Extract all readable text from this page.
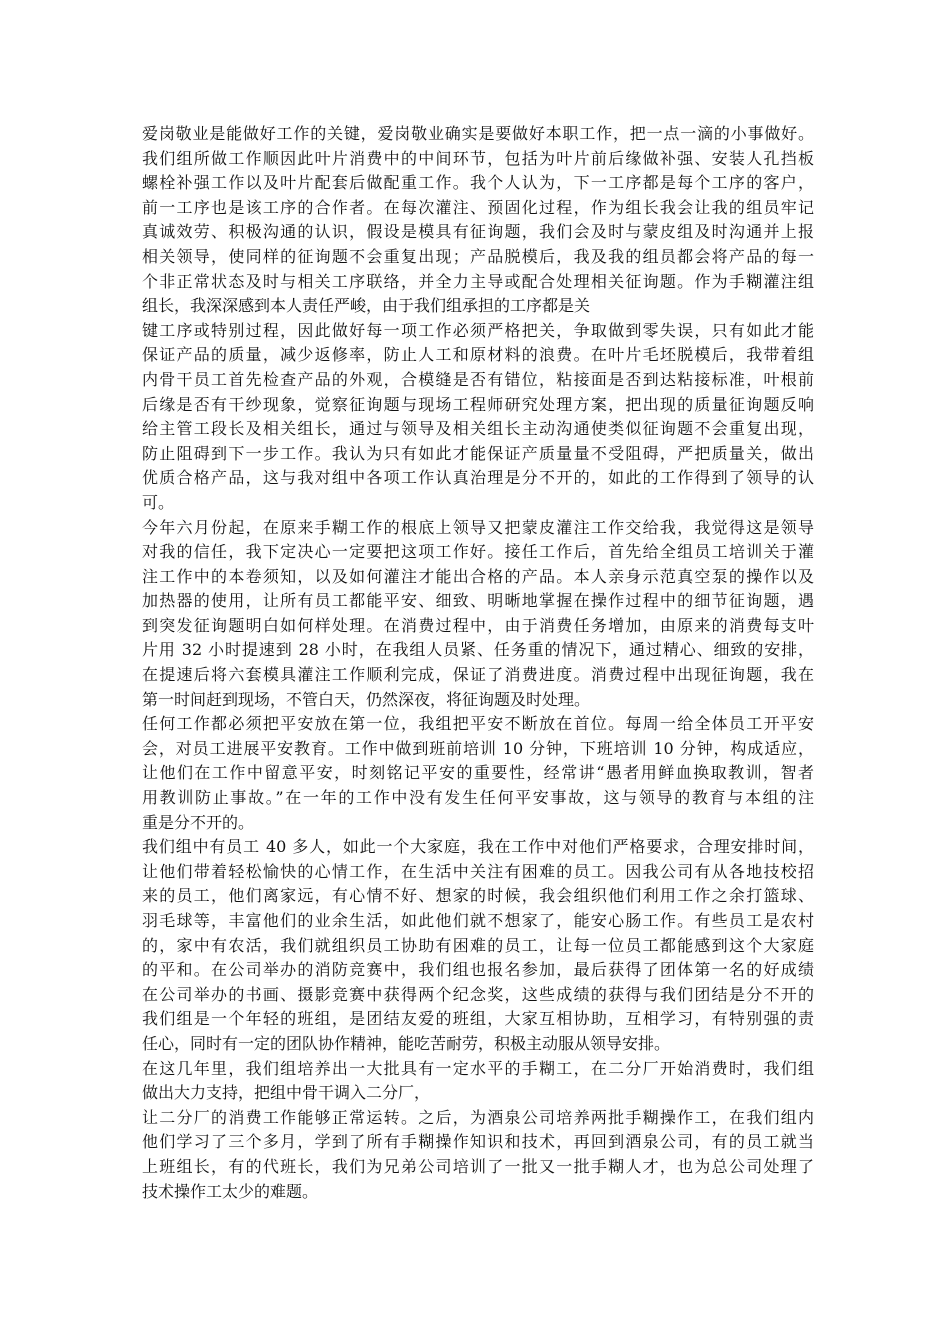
爱岗敬业是能做好工作的关键，爱岗敬业确实是要做好本职工作，把一点一滴的小事做好。
我们组所做工作顺因此叶片消费中的中间环节，包括为叶片前后缘做补强、安装人孔挡板
螺栓补强工作以及叶片配套后做配重工作。我个人认为，下一工序都是每个工序的客户，
前一工序也是该工序的合作者。在每次灌注、预固化过程，作为组长我会让我的组员牢记
真诚效劳、积极沟通的认识，假设是模具有征询题，我们会及时与蒙皮组及时沟通并上报
相关领导，使同样的征询题不会重复出现；产品脱模后，我及我的组员都会将产品的每一
个非正常状态及时与相关工序联络，并全力主导或配合处理相关征询题。作为手糊灌注组
组长，我深深感到本人责任严峻，由于我们组承担的工序都是关
键工序或特别过程，因此做好每一项工作必须严格把关，争取做到零失误，只有如此才能
保证产品的质量，减少返修率，防止人工和原材料的浪费。在叶片毛坯脱模后，我带着组
内骨干员工首先检查产品的外观，合模缝是否有错位，粘接面是否到达粘接标准，叶根前
后缘是否有干纱现象，觉察征询题与现场工程师研究处理方案，把出现的质量征询题反响
给主管工段长及相关组长，通过与领导及相关组长主动沟通使类似征询题不会重复出现，
防止阻碍到下一步工作。我认为只有如此才能保证产质量量不受阻碍，严把质量关，做出
优质合格产品，这与我对组中各项工作认真治理是分不开的，如此的工作得到了领导的认
可。
今年六月份起，在原来手糊工作的根底上领导又把蒙皮灌注工作交给我，我觉得这是领导
对我的信任，我下定决心一定要把这项工作好。接任工作后，首先给全组员工培训关于灌
注工作中的本卷须知，以及如何灌注才能出合格的产品。本人亲身示范真空泵的操作以及
加热器的使用，让所有员工都能平安、细致、明晰地掌握在操作过程中的细节征询题，遇
到突发征询题明白如何样处理。在消费过程中，由于消费任务增加，由原来的消费每支叶
片用 32 小时提速到 28 小时，在我组人员紧、任务重的情况下，通过精心、细致的安排，
在提速后将六套模具灌注工作顺利完成，保证了消费进度。消费过程中出现征询题，我在
第一时间赶到现场，不管白天，仍然深夜，将征询题及时处理。
任何工作都必须把平安放在第一位，我组把平安不断放在首位。每周一给全体员工开平安
会，对员工进展平安教育。工作中做到班前培训 10 分钟，下班培训 10 分钟，构成适应，
让他们在工作中留意平安，时刻铭记平安的重要性，经常讲“愚者用鲜血换取教训，智者
用教训防止事故。”在一年的工作中没有发生任何平安事故，这与领导的教育与本组的注
重是分不开的。
我们组中有员工 40 多人，如此一个大家庭，我在工作中对他们严格要求，合理安排时间，
让他们带着轻松愉快的心情工作，在生活中关注有困难的员工。因我公司有从各地技校招
来的员工，他们离家远，有心情不好、想家的时候，我会组织他们利用工作之余打篮球、
羽毛球等，丰富他们的业余生活，如此他们就不想家了，能安心肠工作。有些员工是农村
的，家中有农活，我们就组织员工协助有困难的员工，让每一位员工都能感到这个大家庭
的平和。在公司举办的消防竞赛中，我们组也报名参加，最后获得了团体第一名的好成绩
在公司举办的书画、摄影竞赛中获得两个纪念奖，这些成绩的获得与我们团结是分不开的
我们组是一个年轻的班组，是团结友爱的班组，大家互相协助，互相学习，有特别强的责
任心，同时有一定的团队协作精神，能吃苦耐劳，积极主动服从领导安排。
在这几年里，我们组培养出一大批具有一定水平的手糊工，在二分厂开始消费时，我们组
做出大力支持，把组中骨干调入二分厂，
让二分厂的消费工作能够正常运转。之后，为酒泉公司培养两批手糊操作工，在我们组内
他们学习了三个多月，学到了所有手糊操作知识和技术，再回到酒泉公司，有的员工就当
上班组长，有的代班长，我们为兄弟公司培训了一批又一批手糊人才，也为总公司处理了
技术操作工太少的难题。
